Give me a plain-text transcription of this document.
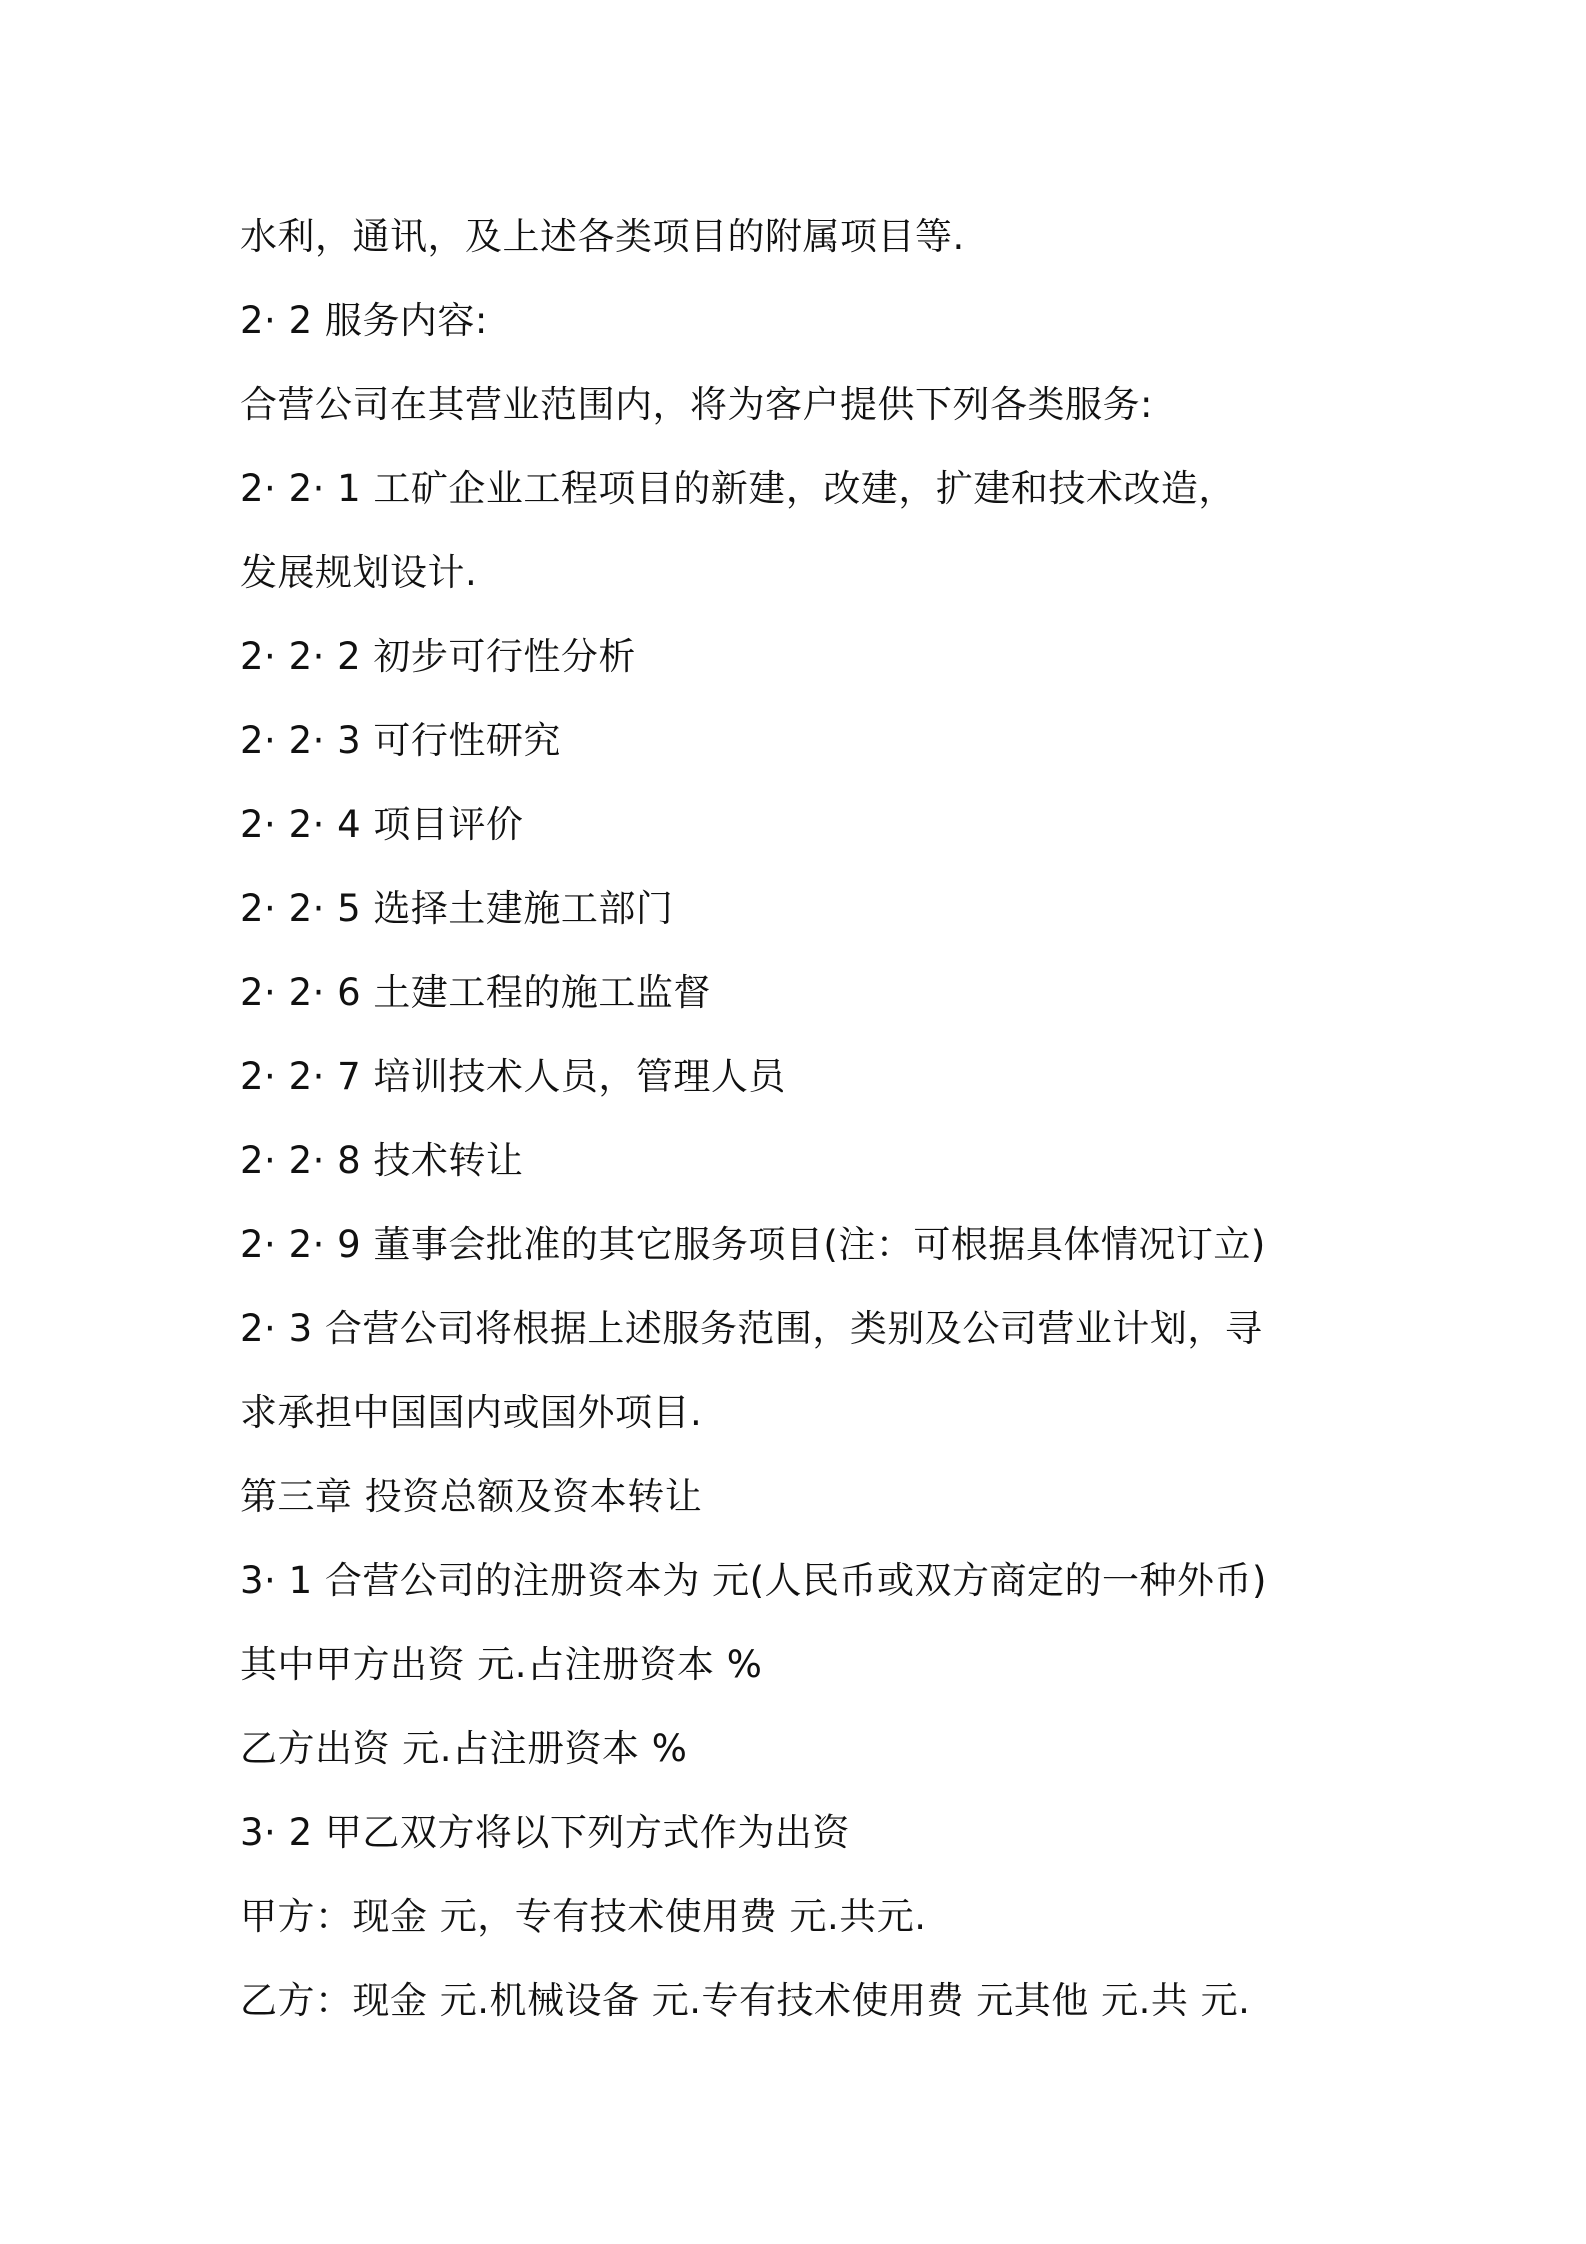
水利，通讯，及上述各类项目的附属项目等.
2· 2 服务内容:
合营公司在其营业范围内，将为客户提供下列各类服务:
2· 2· 1 工矿企业工程项目的新建，改建，扩建和技术改造，
发展规划设计.
2· 2· 2 初步可行性分析
2· 2· 3 可行性研究
2· 2· 4 项目评价
2· 2· 5 选择土建施工部门
2· 2· 6 土建工程的施工监督
2· 2· 7 培训技术人员，管理人员
2· 2· 8 技术转让
2· 2· 9 董事会批准的其它服务项目(注：可根据具体情况订立)
2· 3 合营公司将根据上述服务范围，类别及公司营业计划，寻
求承担中国国内或国外项目.
第三章 投资总额及资本转让
3· 1 合营公司的注册资本为 元(人民币或双方商定的一种外币)
其中甲方出资 元.占注册资本 %
乙方出资 元.占注册资本 %
3· 2 甲乙双方将以下列方式作为出资
甲方：现金 元，专有技术使用费 元.共元.
乙方：现金 元.机械设备 元.专有技术使用费 元其他 元.共 元.
